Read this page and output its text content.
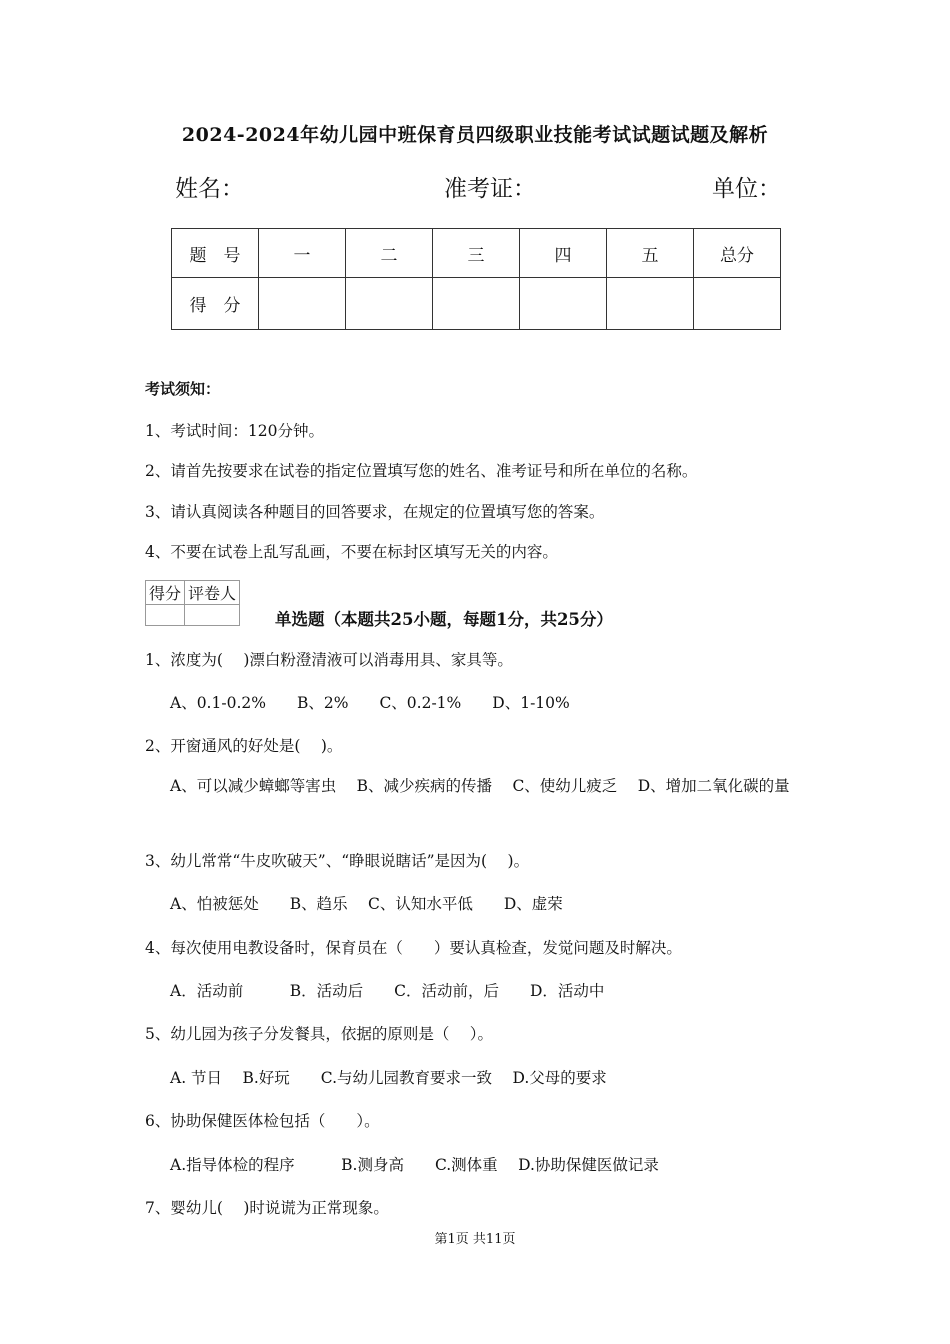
2024-2024年幼儿园中班保育员四级职业技能考试试题试题及解析
姓名：	准考证：	单位：
题　号	一	二	三	四	五	总分
得　分						
考试须知：
1、考试时间：120分钟。
2、请首先按要求在试卷的指定位置填写您的姓名、准考证号和所在单位的名称。
3、请认真阅读各种题目的回答要求，在规定的位置填写您的答案。
4、不要在试卷上乱写乱画，不要在标封区填写无关的内容。
得分	评卷人

单选题（本题共25小题，每题1分，共25分）
1、浓度为(　 )漂白粉澄清液可以消毒用具、家具等。
A、0.1-0.2%　　B、2%　　C、0.2-1%　　D、1-10%
2、开窗通风的好处是(　 )。
A、可以减少蟑螂等害虫　 B、减少疾病的传播　 C、使幼儿疲乏　 D、增加二氧化碳的量
3、幼儿常常“牛皮吹破天”、“睁眼说瞎话”是因为(　 )。
A、怕被惩处　　B、趋乐　 C、认知水平低　　D、虚荣
4、每次使用电教设备时，保育员在（　　）要认真检查，发觉问题及时解决。
A．活动前　　　B．活动后　　C．活动前，后　　D．活动中
5、幼儿园为孩子分发餐具，依据的原则是（　 ）。
A. 节日　 B.好玩　　C.与幼儿园教育要求一致　 D.父母的要求
6、协助保健医体检包括（　　）。
A.指导体检的程序　　　B.测身高　　C.测体重　 D.协助保健医做记录
7、婴幼儿(　 )时说谎为正常现象。
第1页 共11页
